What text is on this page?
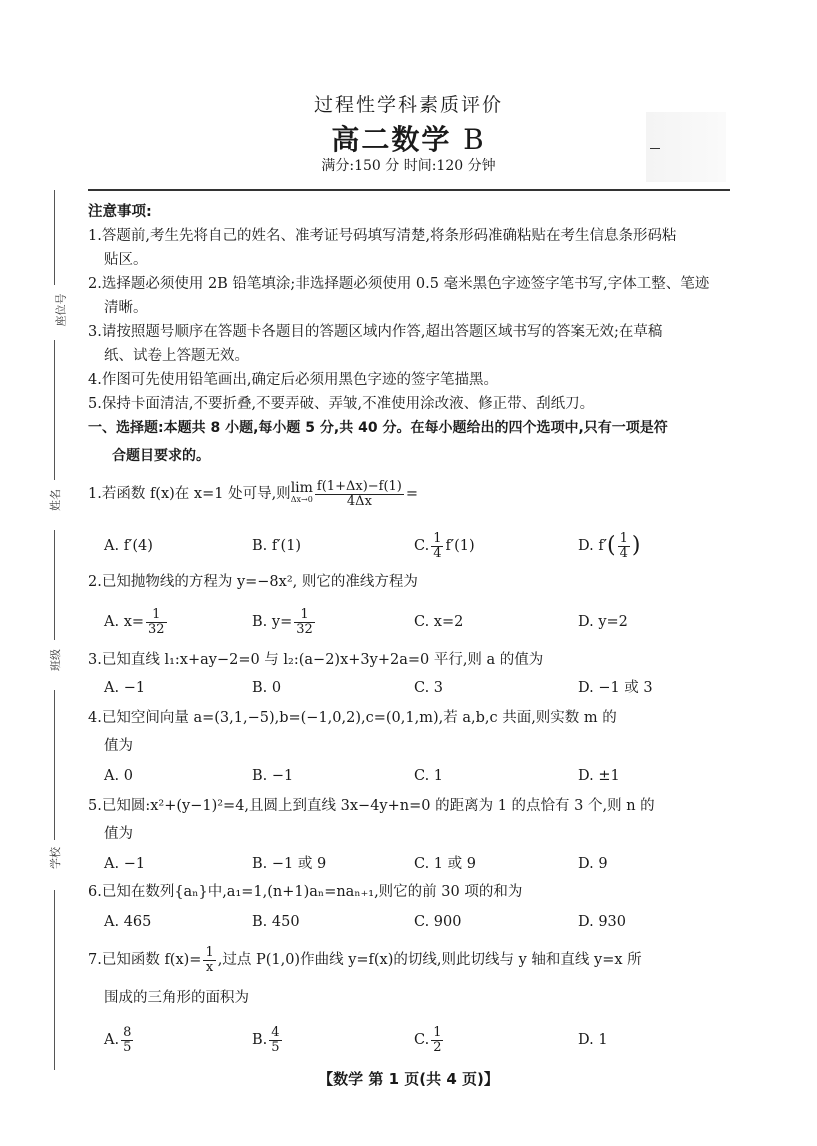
过程性学科素质评价
高二数学 B
满分:150 分 时间:120 分钟
座位号
姓名
班级
学校
注意事项:
1.答题前,考生先将自己的姓名、准考证号码填写清楚,将条形码准确粘贴在考生信息条形码粘
贴区。
2.选择题必须使用 2B 铅笔填涂;非选择题必须使用 0.5 毫米黑色字迹签字笔书写,字体工整、笔迹
清晰。
3.请按照题号顺序在答题卡各题目的答题区域内作答,超出答题区域书写的答案无效;在草稿
纸、试卷上答题无效。
4.作图可先使用铅笔画出,确定后必须用黑色字迹的签字笔描黑。
5.保持卡面清洁,不要折叠,不要弄破、弄皱,不准使用涂改液、修正带、刮纸刀。
一、选择题:本题共 8 小题,每小题 5 分,共 40 分。在每小题给出的四个选项中,只有一项是符
合题目要求的。
1.若函数 f(x)在 x=1 处可导,则 lim
$\Delta x\to 0 \frac{f(1+\Delta x)-f(1)}{4\Delta x}$ =
A. f′(4)	B. f′(1)	C. $\frac{1}{4} f'(1)$	D. $f'( \frac{1}{4}$ )
2.已知抛物线的方程为 y=−8x², 则它的准线方程为
A. $x= \frac{1}{32}$	B. $y= \frac{1}{32}$	C. x=2	D. y=2
3.已知直线 l₁:x+ay−2=0 与 l₂:(a−2)x+3y+2a=0 平行,则 a 的值为
A. −1	B. 0	C. 3	D. −1 或 3
4.已知空间向量 a=(3,1,−5),b=(−1,0,2),c=(0,1,m),若 a,b,c 共面,则实数 m 的
值为
A. 0	B. −1	C. 1	D. ±1
5.已知圆:x²+(y−1)²=4,且圆上到直线 3x−4y+n=0 的距离为 1 的点恰有 3 个,则 n 的
值为
A. −1	B. −1 或 9	C. 1 或 9	D. 9
6.已知在数列{aₙ}中,a₁=1,(n+1)aₙ=naₙ₊₁,则它的前 30 项的和为
A. 465	B. 450	C. 900	D. 930
7.已知函数 $f(x)= \frac{1}{x}$ ,过点 P(1,0)作曲线 y=f(x)的切线,则此切线与 y 轴和直线 y=x 所
围成的三角形的面积为
A. $\frac{8}{5}$	B. $\frac{4}{5}$	C. $\frac{1}{2}$	D. 1
【数学 第 1 页(共 4 页)】
